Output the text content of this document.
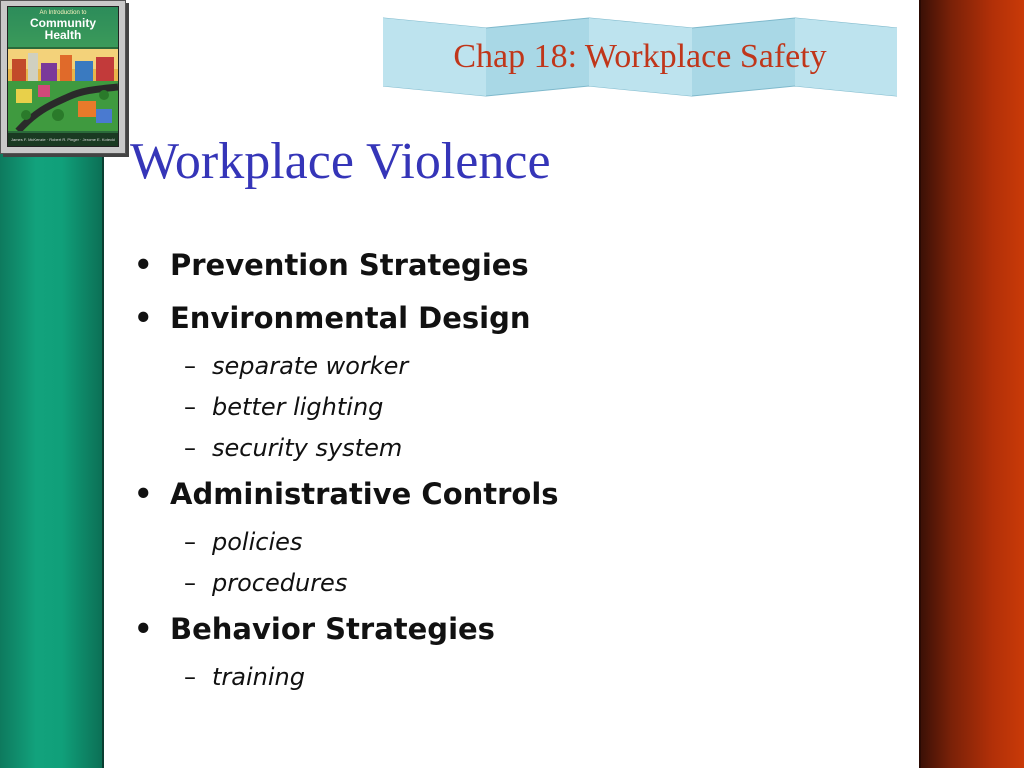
An Introduction to
Community
Health
James F. McKenzie · Robert R. Pinger · Jerome E. Kotecki
Chap 18: Workplace Safety
Workplace Violence
• Prevention Strategies
• Environmental Design
– separate worker
– better lighting
– security system
• Administrative Controls
– policies
– procedures
• Behavior Strategies
– training
